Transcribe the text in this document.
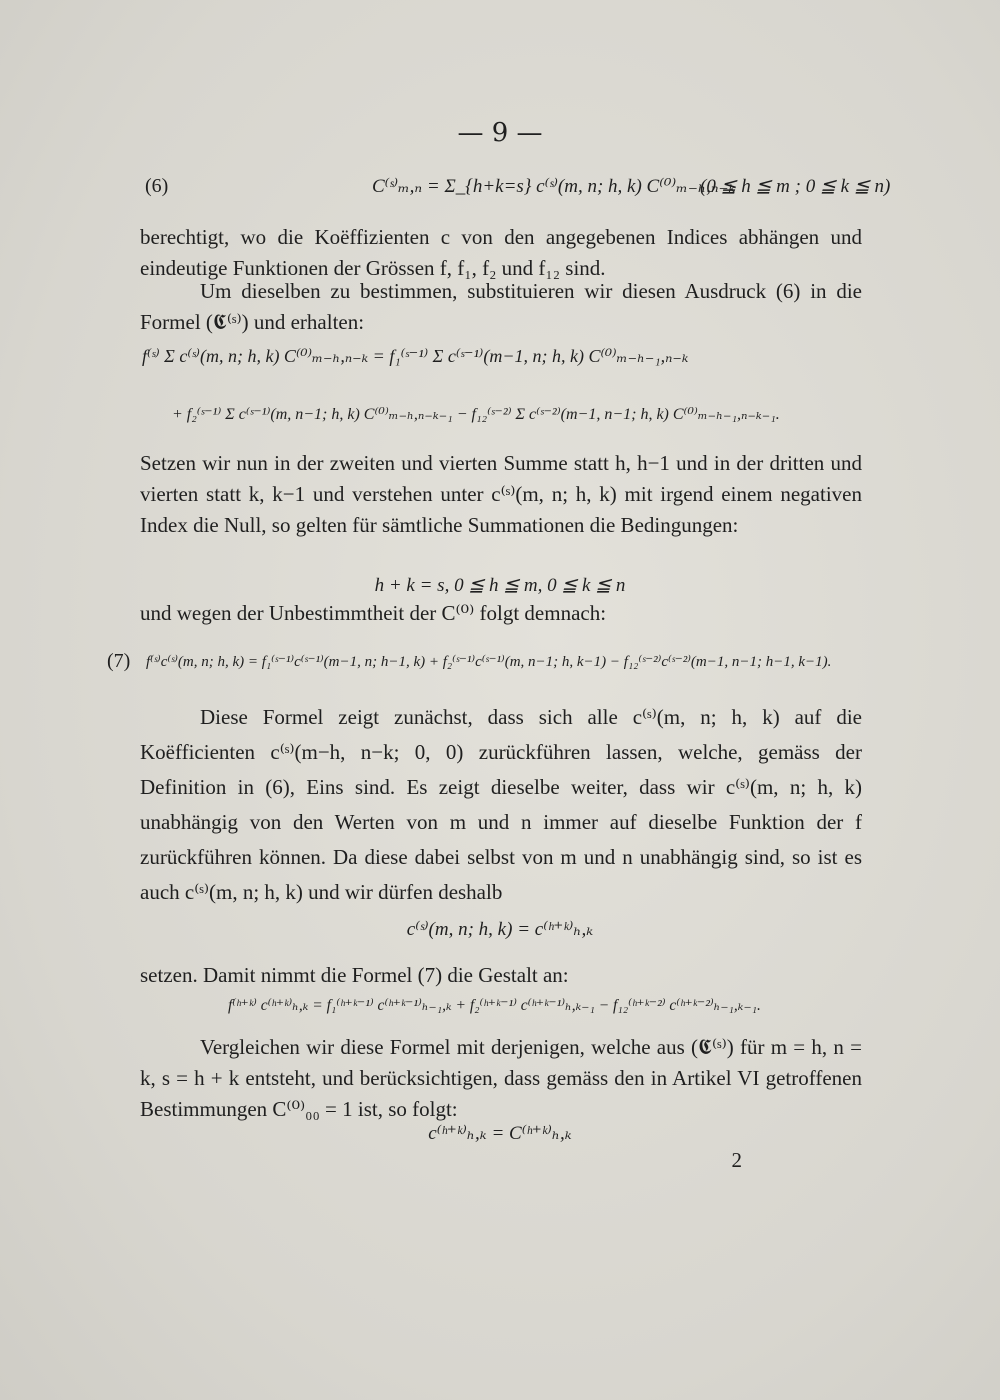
— 9 —
(6)	C⁽ˢ⁾ₘ,ₙ = Σ_{h+k=s} c⁽ˢ⁾(m, n; h, k) C⁽⁰⁾ₘ₋ₕ,ₙ₋ₖ
(0 ≦ h ≦ m ; 0 ≦ k ≦ n)
berechtigt, wo die Koëffizienten c von den angegebenen Indices abhängen und eindeutige Funktionen der Grössen f, f₁, f₂ und f₁₂ sind.
Um dieselben zu bestimmen, substituieren wir diesen Ausdruck (6) in die Formel (𝕮⁽ˢ⁾) und erhalten:
f⁽ˢ⁾ Σ c⁽ˢ⁾(m, n; h, k) C⁽⁰⁾ₘ₋ₕ,ₙ₋ₖ = f₁⁽ˢ⁻¹⁾ Σ c⁽ˢ⁻¹⁾(m−1, n; h, k) C⁽⁰⁾ₘ₋ₕ₋₁,ₙ₋ₖ
+ f₂⁽ˢ⁻¹⁾ Σ c⁽ˢ⁻¹⁾(m, n−1; h, k) C⁽⁰⁾ₘ₋ₕ,ₙ₋ₖ₋₁ − f₁₂⁽ˢ⁻²⁾ Σ c⁽ˢ⁻²⁾(m−1, n−1; h, k) C⁽⁰⁾ₘ₋ₕ₋₁,ₙ₋ₖ₋₁.
Setzen wir nun in der zweiten und vierten Summe statt h, h−1 und in der dritten und vierten statt k, k−1 und verstehen unter c⁽ˢ⁾(m, n; h, k) mit irgend einem negativen Index die Null, so gelten für sämtliche Summationen die Bedingungen:
h + k = s, 0 ≦ h ≦ m, 0 ≦ k ≦ n
und wegen der Unbestimmtheit der C⁽⁰⁾ folgt demnach:
(7) f⁽ˢ⁾c⁽ˢ⁾(m, n; h, k) = f₁⁽ˢ⁻¹⁾c⁽ˢ⁻¹⁾(m−1, n; h−1, k) + f₂⁽ˢ⁻¹⁾c⁽ˢ⁻¹⁾(m, n−1; h, k−1) − f₁₂⁽ˢ⁻²⁾c⁽ˢ⁻²⁾(m−1, n−1; h−1, k−1).
Diese Formel zeigt zunächst, dass sich alle c⁽ˢ⁾(m, n; h, k) auf die Koëfficienten c⁽ˢ⁾(m−h, n−k; 0, 0) zurückführen lassen, welche, gemäss der Definition in (6), Eins sind. Es zeigt dieselbe weiter, dass wir c⁽ˢ⁾(m, n; h, k) unabhängig von den Werten von m und n immer auf dieselbe Funktion der f zurückführen können. Da diese dabei selbst von m und n unabhängig sind, so ist es auch c⁽ˢ⁾(m, n; h, k) und wir dürfen deshalb
c⁽ˢ⁾(m, n; h, k) = c⁽ʰ⁺ᵏ⁾ₕ,ₖ
setzen. Damit nimmt die Formel (7) die Gestalt an:
f⁽ʰ⁺ᵏ⁾ c⁽ʰ⁺ᵏ⁾ₕ,ₖ = f₁⁽ʰ⁺ᵏ⁻¹⁾ c⁽ʰ⁺ᵏ⁻¹⁾ₕ₋₁,ₖ + f₂⁽ʰ⁺ᵏ⁻¹⁾ c⁽ʰ⁺ᵏ⁻¹⁾ₕ,ₖ₋₁ − f₁₂⁽ʰ⁺ᵏ⁻²⁾ c⁽ʰ⁺ᵏ⁻²⁾ₕ₋₁,ₖ₋₁.
Vergleichen wir diese Formel mit derjenigen, welche aus (𝕮⁽ˢ⁾) für m = h, n = k, s = h + k entsteht, und berücksichtigen, dass gemäss den in Artikel VI getroffenen Bestimmungen C⁽⁰⁾₀₀ = 1 ist, so folgt:
c⁽ʰ⁺ᵏ⁾ₕ,ₖ = C⁽ʰ⁺ᵏ⁾ₕ,ₖ
2
